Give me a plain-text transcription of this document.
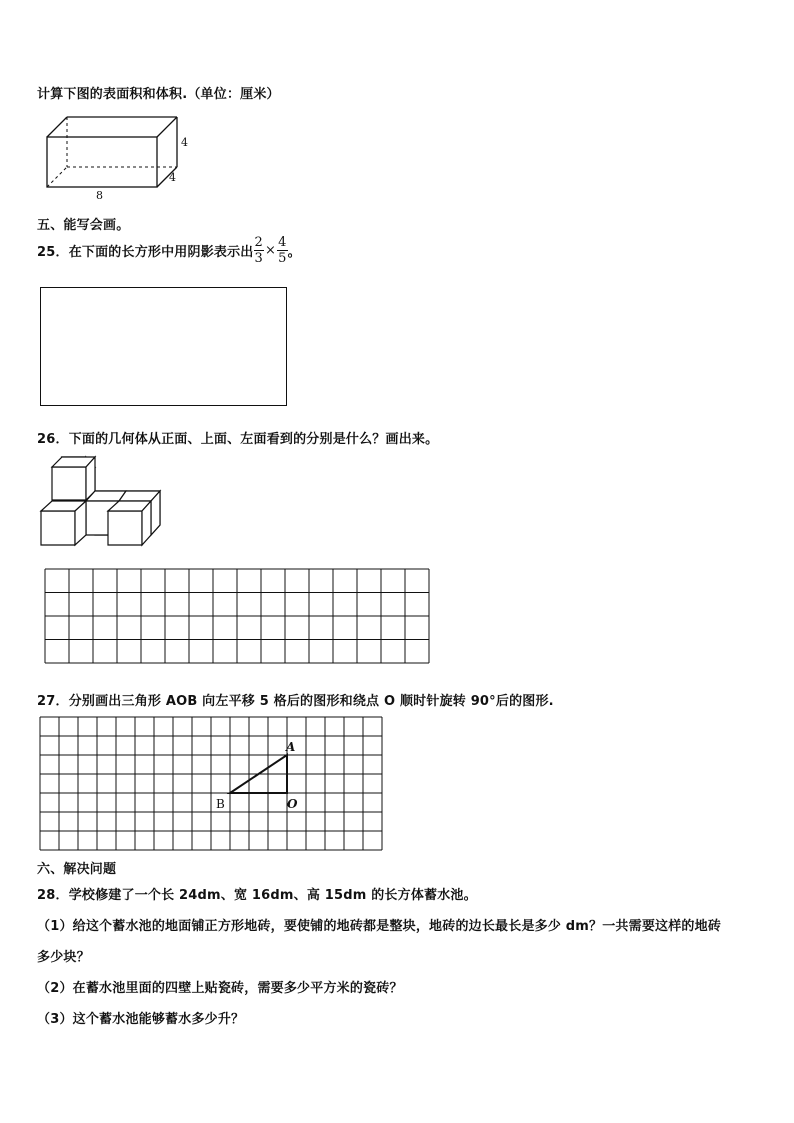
计算下图的表面积和体积.（单位：厘米）
4
4
8
五、能写会画。
25．在下面的长方形中用阴影表示出 $\frac{2}{3} \times \frac{4}{5}$ 。
26．下面的几何体从正面、上面、左面看到的分别是什么？画出来。
27．分别画出三角形 AOB 向左平移 5 格后的图形和绕点 O 顺时针旋转 90°后的图形.
A
B	O
六、解决问题
28．学校修建了一个长 24dm、宽 16dm、高 15dm 的长方体蓄水池。
（1）给这个蓄水池的地面铺正方形地砖，要使铺的地砖都是整块，地砖的边长最长是多少 dm？一共需要这样的地砖
多少块？
（2）在蓄水池里面的四壁上贴瓷砖，需要多少平方米的瓷砖？
（3）这个蓄水池能够蓄水多少升？
